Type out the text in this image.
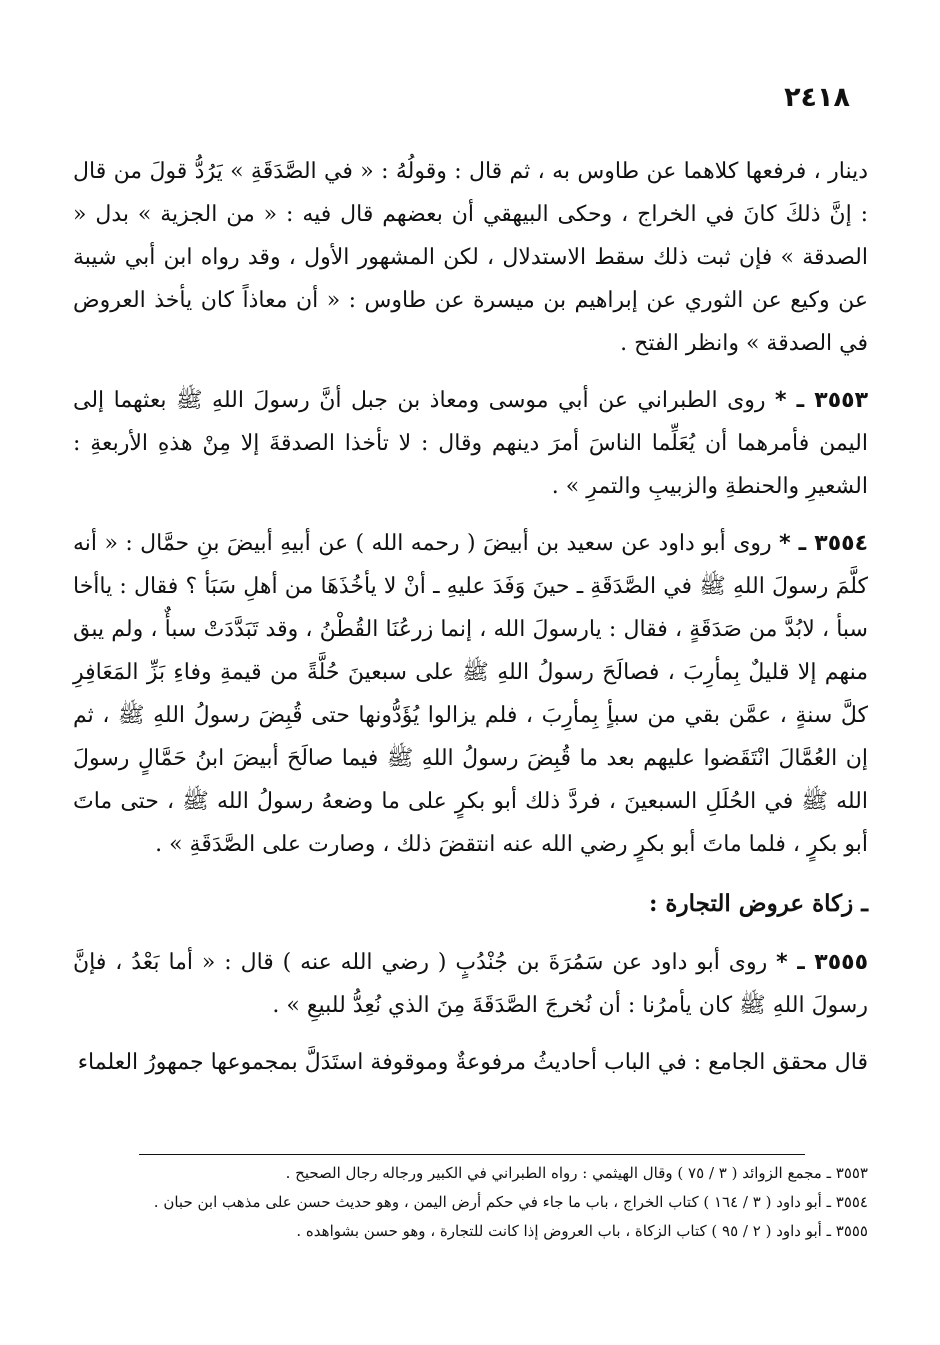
٢٤١٨

دينار ، فرفعها كلاهما عن طاوس به ، ثم قال : وقولُهُ : « في الصَّدَقَةِ » يَرُدُّ قولَ من قال : إنَّ ذلكَ كانَ في الخراج ، وحكى البيهقي أن بعضهم قال فيه : « من الجزية » بدل « الصدقة » فإن ثبت ذلك سقط الاستدلال ، لكن المشهور الأول ، وقد رواه ابن أبي شيبة عن وكيع عن الثوري عن إبراهيم بن ميسرة عن طاوس : « أن معاذاً كان يأخذ العروض في الصدقة » وانظر الفتح .

٣٥٥٣ ـ * روى الطبراني عن أبي موسى ومعاذ بن جبل أنَّ رسولَ اللهِ ﷺ بعثهما إلى اليمن فأمرهما أن يُعَلِّما الناسَ أمرَ دينهم وقال : لا تأخذا الصدقةَ إلا مِنْ هذهِ الأربعةِ : الشعيرِ والحنطةِ والزبيبِ والتمرِ » .

٣٥٥٤ ـ * روى أبو داود عن سعيد بن أبيضَ ( رحمه الله ) عن أبيهِ أبيضَ بنِ حمَّال : « أنه كلَّمَ رسولَ اللهِ ﷺ في الصَّدَقَةِ ـ حينَ وَفَدَ عليهِ ـ أنْ لا يأخُذَهَا من أهلِ سَبَأ ؟ فقال : ياأخا سبأ ، لابُدَّ من صَدَقَةٍ ، فقال : يارسولَ الله ، إنما زرعُنَا القُطْنُ ، وقد تَبَدَّدَتْ سبأٌ ، ولم يبق منهم إلا قليلٌ بِمأرِبَ ، فصالَحَ رسولُ اللهِ ﷺ على سبعينَ حُلَّةً من قيمةِ وفاءِ بَزِّ المَعَافِرِ كلَّ سنةٍ ، عمَّن بقي من سبأٍ بِمأرِبَ ، فلم يزالوا يُؤَدُّونها حتى قُبِضَ رسولُ اللهِ ﷺ ، ثم إن العُمَّالَ انْتَقَضوا عليهم بعد ما قُبِضَ رسولُ اللهِ ﷺ فيما صالَحَ أبيضَ ابنُ حَمَّالٍ رسولَ الله ﷺ في الحُلَلِ السبعينَ ، فردَّ ذلك أبو بكرٍ على ما وضعهُ رسولُ الله ﷺ ، حتى ماتَ أبو بكرٍ ، فلما ماتَ أبو بكرٍ رضي الله عنه انتقضَ ذلك ، وصارت على الصَّدَقَةِ » .

ـ زكاة عروض التجارة :

٣٥٥٥ ـ * روى أبو داود عن سَمُرَةَ بن جُنْدُبٍ ( رضي الله عنه ) قال : « أما بَعْدُ ، فإنَّ رسولَ اللهِ ﷺ كان يأمرُنا : أن نُخرجَ الصَّدَقَةَ مِنَ الذي نُعِدُّ للبيعِ » .

قال محقق الجامع : في الباب أحاديثُ مرفوعةٌ وموقوفة استَدَلَّ بمجموعها جمهورُ العلماء

٣٥٥٣ ـ مجمع الزوائد ( ٣ / ٧٥ ) وقال الهيثمي : رواه الطبراني في الكبير ورجاله رجال الصحيح .

٣٥٥٤ ـ أبو داود ( ٣ / ١٦٤ ) كتاب الخراج ، باب ما جاء في حكم أرض اليمن ، وهو حديث حسن على مذهب ابن حبان .

٣٥٥٥ ـ أبو داود ( ٢ / ٩٥ ) كتاب الزكاة ، باب العروض إذا كانت للتجارة ، وهو حسن بشواهده .
